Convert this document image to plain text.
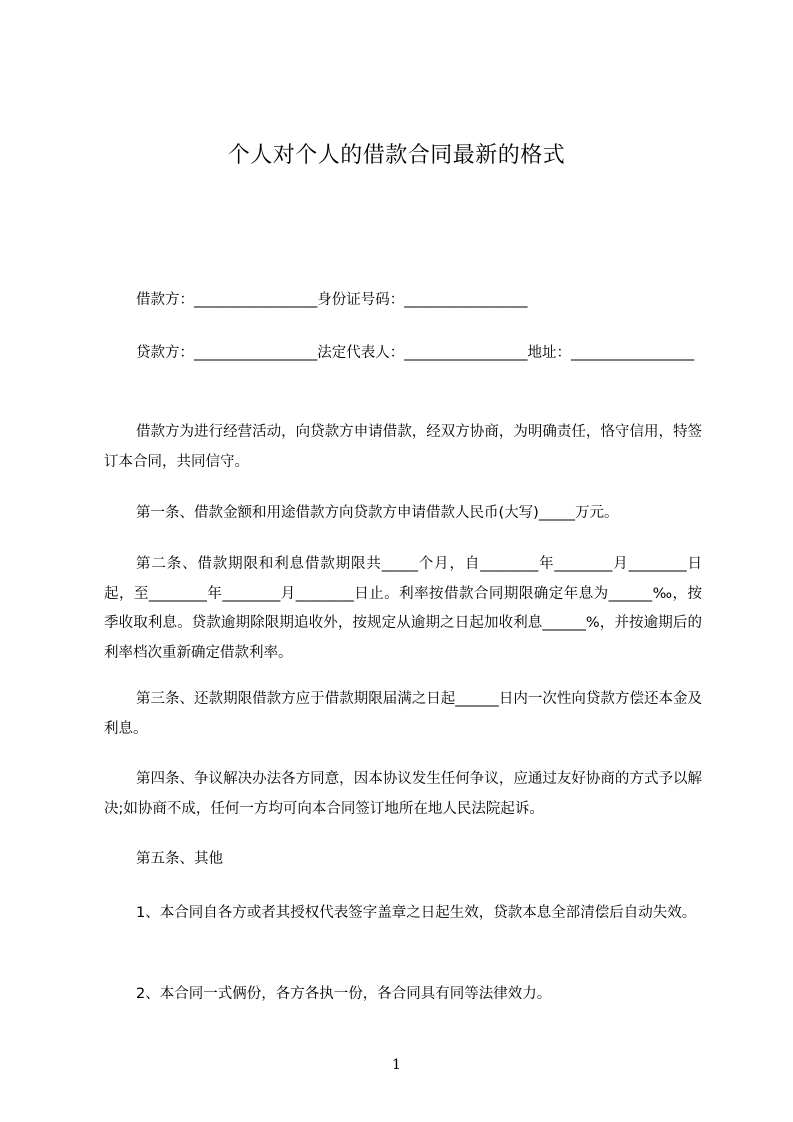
个人对个人的借款合同最新的格式

借款方：_________________身份证号码：_________________

贷款方：_________________法定代表人：_________________地址：_________________

借款方为进行经营活动，向贷款方申请借款，经双方协商，为明确责任，恪守信用，特签订本合同，共同信守。

第一条、借款金额和用途借款方向贷款方申请借款人民币(大写)_____万元。

第二条、借款期限和利息借款期限共_____个月，自________年________月________日起，至________年________月________日止。利率按借款合同期限确定年息为______‰，按季收取利息。贷款逾期除限期追收外，按规定从逾期之日起加收利息______%，并按逾期后的利率档次重新确定借款利率。

第三条、还款期限借款方应于借款期限届满之日起______日内一次性向贷款方偿还本金及利息。

第四条、争议解决办法各方同意，因本协议发生任何争议，应通过友好协商的方式予以解决;如协商不成，任何一方均可向本合同签订地所在地人民法院起诉。

第五条、其他

1、本合同自各方或者其授权代表签字盖章之日起生效，贷款本息全部清偿后自动失效。

2、本合同一式俩份，各方各执一份，各合同具有同等法律效力。

1
